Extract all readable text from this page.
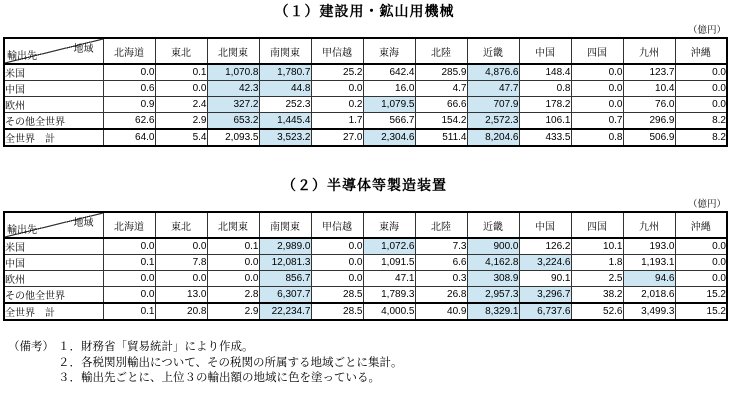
（１）建設用・鉱山用機械
（億円）
地域
輸出先	北海道	東北	北関東	南関東	甲信越	東海	北陸	近畿	中国	四国	九州	沖縄
米国	0.0	0.1	1,070.8	1,780.7	25.2	642.4	285.9	4,876.6	148.4	0.0	123.7	0.0
中国	0.6	0.0	42.3	44.8	0.0	16.0	4.7	47.7	0.8	0.0	10.4	0.0
欧州	0.9	2.4	327.2	252.3	0.2	1,079.5	66.6	707.9	178.2	0.0	76.0	0.0
その他全世界	62.6	2.9	653.2	1,445.4	1.7	566.7	154.2	2,572.3	106.1	0.7	296.9	8.2
全世界　計	64.0	5.4	2,093.5	3,523.2	27.0	2,304.6	511.4	8,204.6	433.5	0.8	506.9	8.2
（２）半導体等製造装置
（億円）
地域
輸出先	北海道	東北	北関東	南関東	甲信越	東海	北陸	近畿	中国	四国	九州	沖縄
米国	0.0	0.0	0.1	2,989.0	0.0	1,072.6	7.3	900.0	126.2	10.1	193.0	0.0
中国	0.1	7.8	0.0	12,081.3	0.0	1,091.5	6.6	4,162.8	3,224.6	1.8	1,193.1	0.0
欧州	0.0	0.0	0.0	856.7	0.0	47.1	0.3	308.9	90.1	2.5	94.6	0.0
その他全世界	0.0	13.0	2.8	6,307.7	28.5	1,789.3	26.8	2,957.3	3,296.7	38.2	2,018.6	15.2
全世界　計	0.1	20.8	2.9	22,234.7	28.5	4,000.5	40.9	8,329.1	6,737.6	52.6	3,499.3	15.2
（備考） １．財務省「貿易統計」により作成。
２．各税関別輸出について、その税関の所属する地域ごとに集計。
３．輸出先ごとに、上位３の輸出額の地域に色を塗っている。
